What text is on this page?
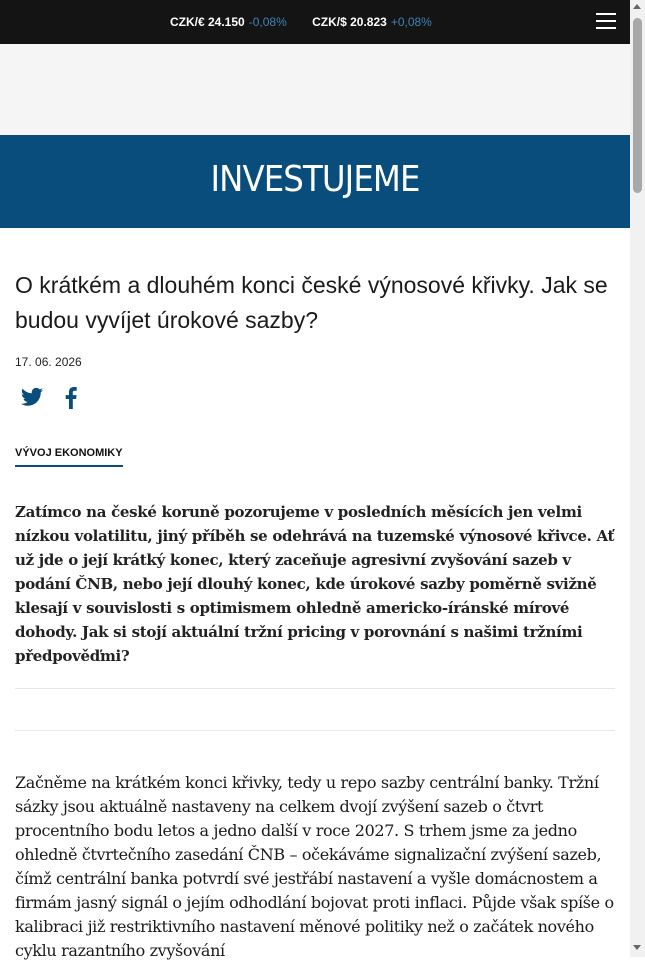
CZK/€ 24.150 -0,08% CZK/$ 20.823 +0,08%
INVESTUJEME
O krátkém a dlouhém konci české výnosové křivky. Jak se budou vyvíjet úrokové sazby?
17. 06. 2026
VÝVOJ EKONOMIKY

Zatímco na české koruně pozorujeme v posledních měsících jen velmi nízkou volatilitu, jiný příběh se odehrává na tuzemské výnosové křivce. Ať už jde o její krátký konec, který zaceňuje agresivní zvyšování sazeb v podání ČNB, nebo její dlouhý konec, kde úrokové sazby poměrně svižně klesají v souvislosti s optimismem ohledně americko-íránské mírové dohody. Jak si stojí aktuální tržní pricing v porovnání s našimi tržními předpověďmi?

Začněme na krátkém konci křivky, tedy u repo sazby centrální banky. Tržní sázky jsou aktuálně nastaveny na celkem dvojí zvýšení sazeb o čtvrt procentního bodu letos a jedno další v roce 2027. S trhem jsme za jedno ohledně čtvrtečního zasedání ČNB – očekáváme signalizační zvýšení sazeb, čímž centrální banka potvrdí své jestřábí nastavení a vyšle domácnostem a firmám jasný signál o jejím odhodlání bojovat proti inflaci. Půjde však spíše o kalibraci již restriktivního nastavení měnové politiky než o začátek nového cyklu razantního zvyšování
